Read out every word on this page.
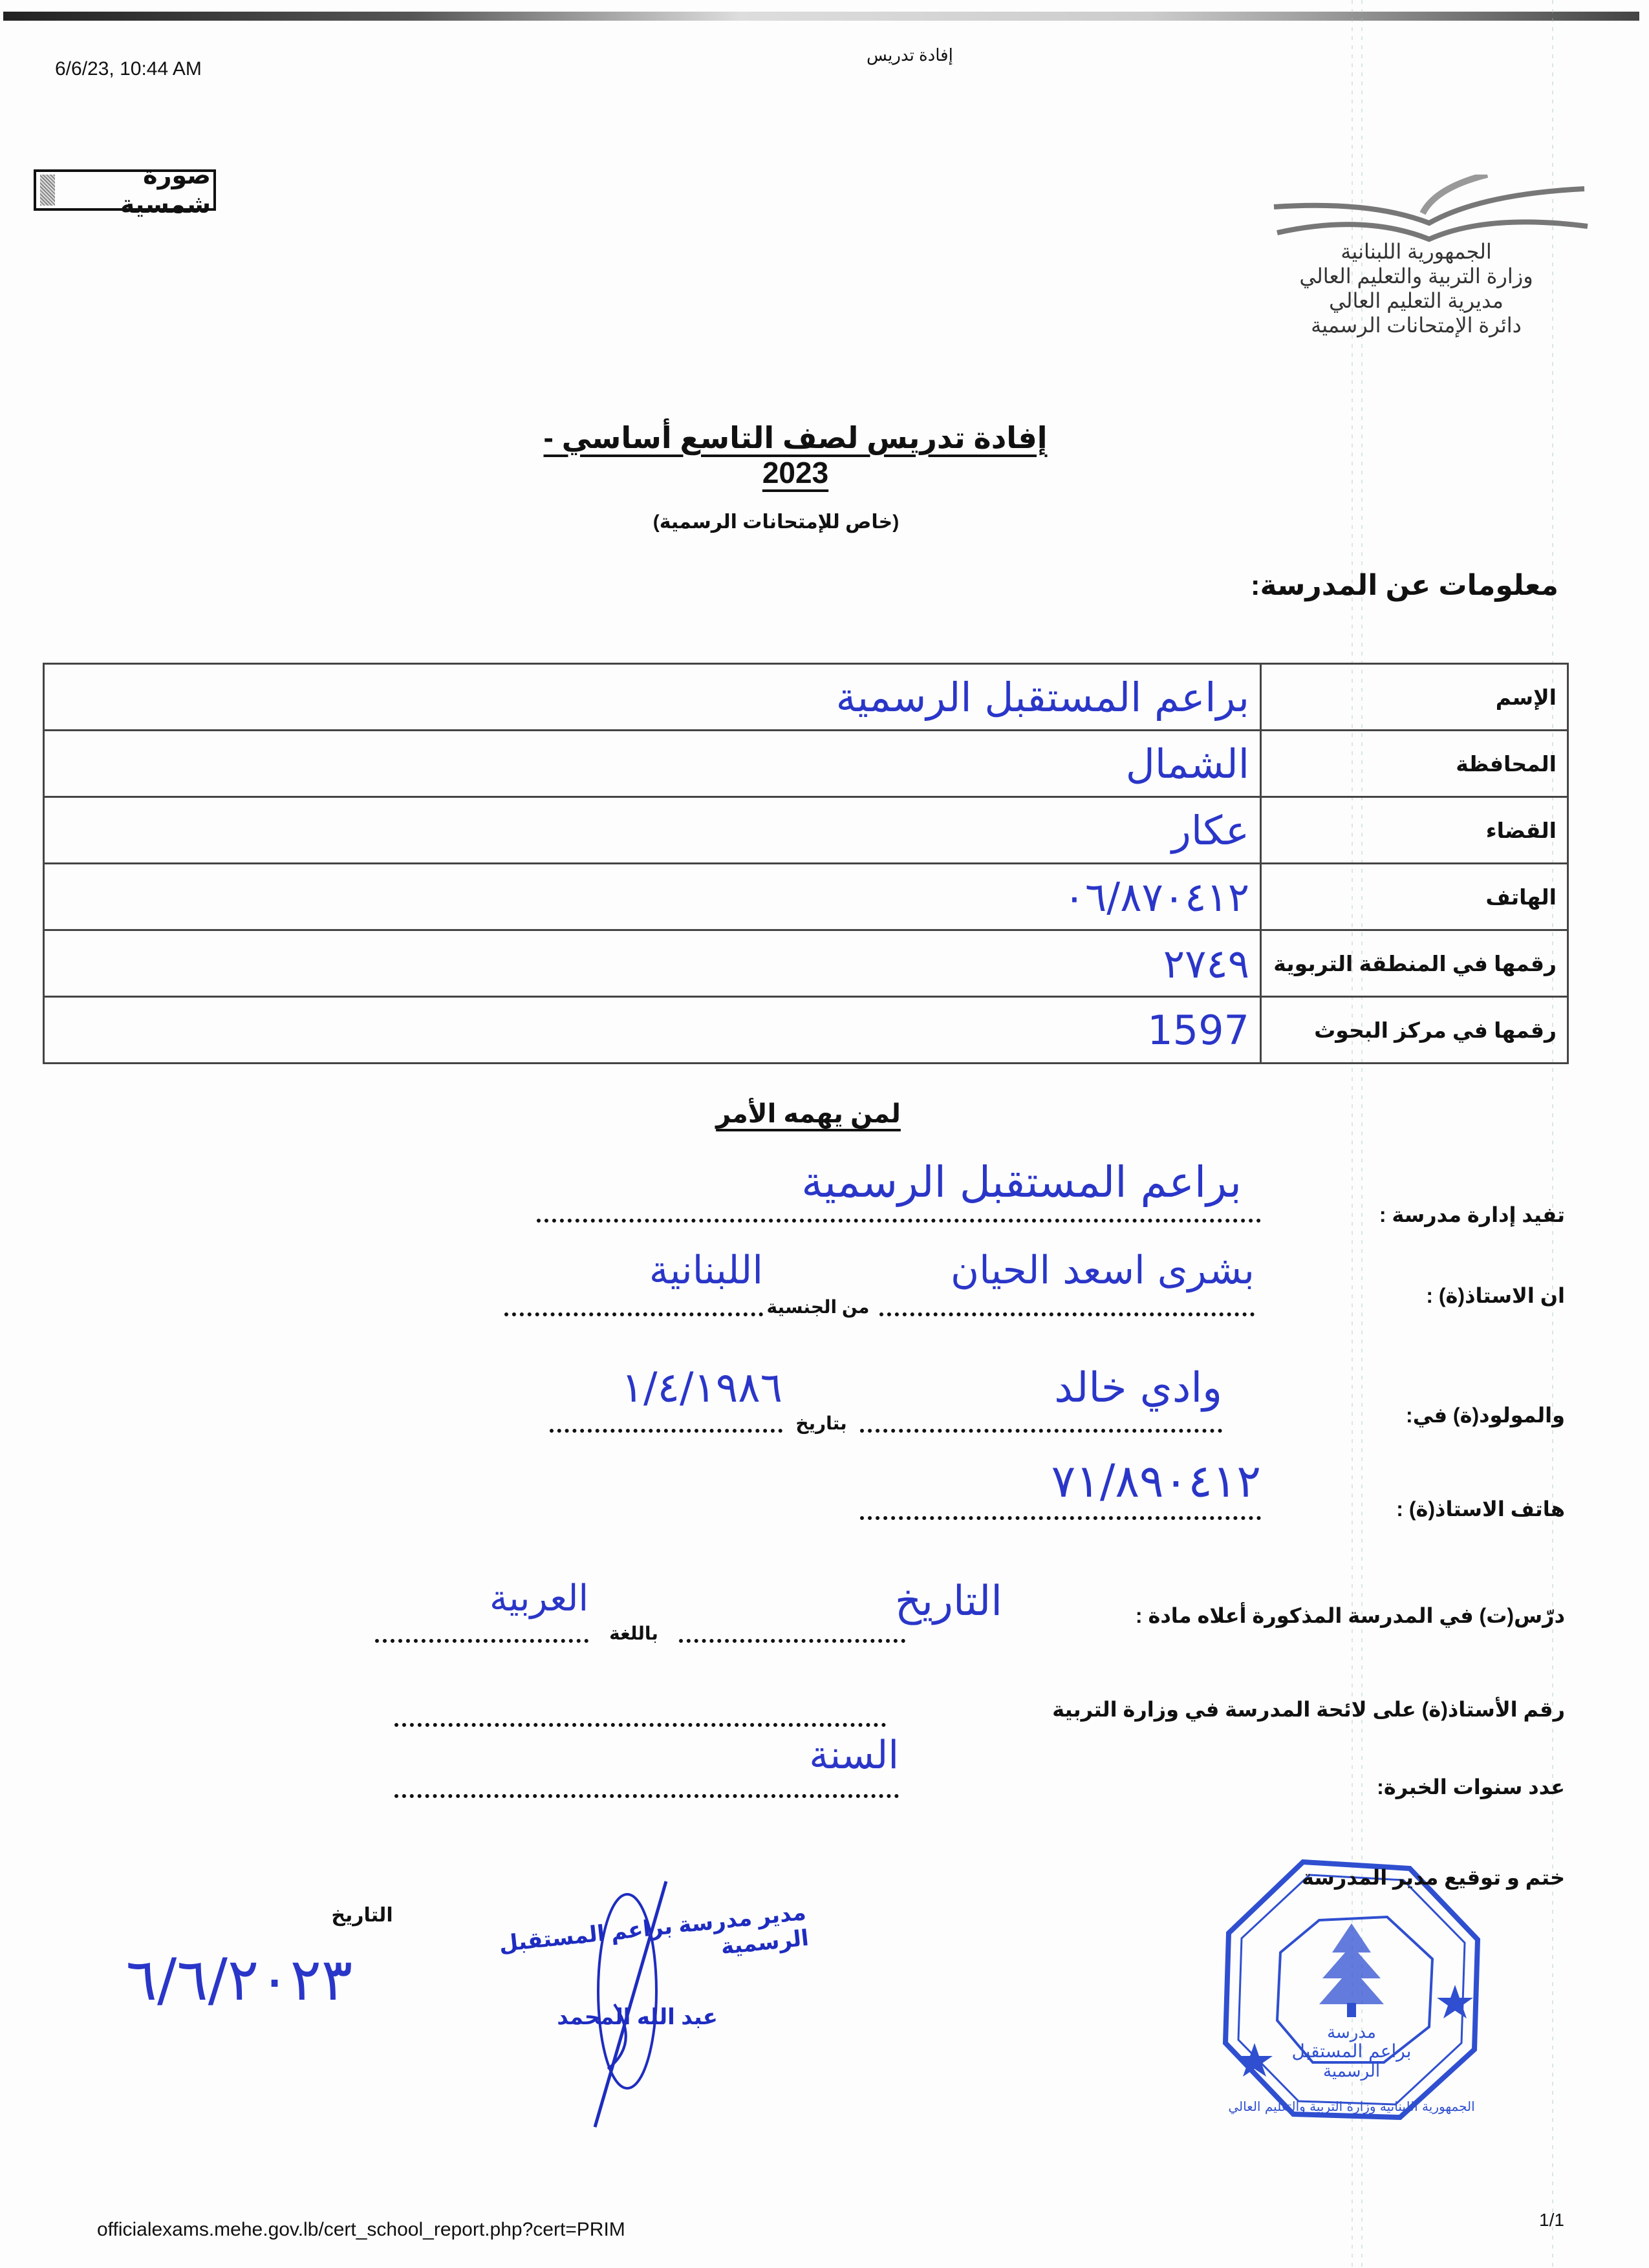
6/6/23, 10:44 AM
إفادة تدريس
صورة شمسية
الجمهورية اللبنانية
وزارة التربية والتعليم العالي
مديرية التعليم العالي
دائرة الإمتحانات الرسمية
إفادة تدريس لصف التاسع أساسي - 2023
(خاص للإمتحانات الرسمية)
معلومات عن المدرسة:
براعم المستقبل الرسمية	الإسم
الشمال	المحافظة
عكار	القضاء
٠٦/٨٧٠٤١٢	الهاتف
٢٧٤٩	رقمها في المنطقة التربوية
1597	رقمها في مركز البحوث
لمن يهمه الأمر
تفيد إدارة مدرسة :
براعم المستقبل الرسمية
ان الاستاذ(ة) :
بشرى اسعد الحيان
من الجنسية
اللبنانية
والمولود(ة) في:
وادي خالد
بتاريخ
١/٤/١٩٨٦
هاتف الاستاذ(ة) :
٧١/٨٩٠٤١٢
درّس(ت) في المدرسة المذكورة أعلاه مادة :
التاريخ
باللغة
العربية
رقم الأستاذ(ة) على لائحة المدرسة في وزارة التربية
عدد سنوات الخبرة:
السنة
مدرسة
براعم المستقبل
الرسمية
الجمهورية اللبنانية وزارة التربية والتعليم العالي
ختم و توقيع مدير المدرسة
التاريخ
٦/٦/٢٠٢٣
مدير مدرسة براعم المستقبل الرسمية
عبد الله المحمد
officialexams.mehe.gov.lb/cert_school_report.php?cert=PRIM	1/1
